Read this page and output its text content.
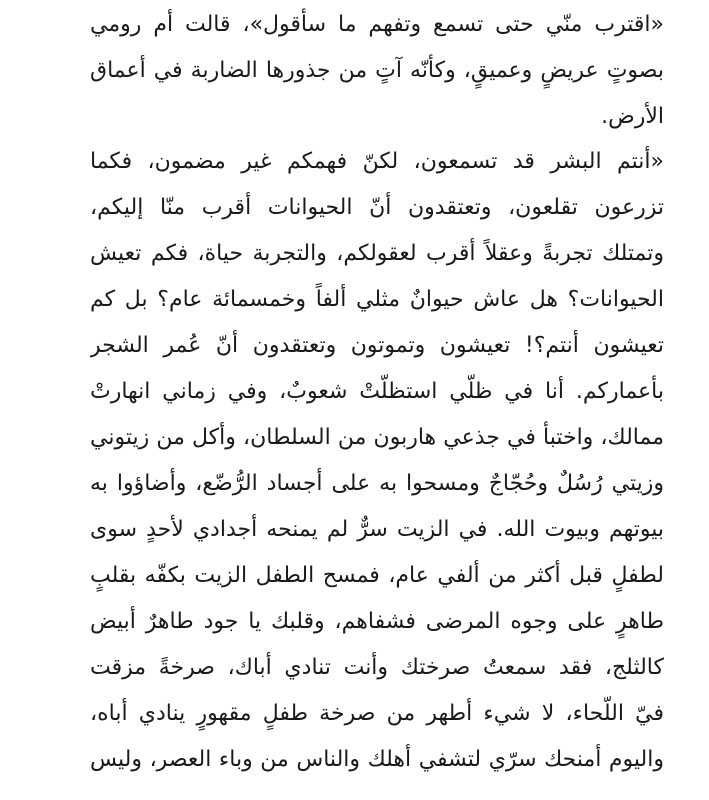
«اقترب منّي حتى تسمع وتفهم ما سأقول»، قالت أم رومي
بصوتٍ عريضٍ وعميقٍ، وكأنّه آتٍ من جذورها الضاربة في أعماق
الأرض.
«أنتم البشر قد تسمعون، لكنّ فهمكم غير مضمون، فكما
تزرعون تقلعون، وتعتقدون أنّ الحيوانات أقرب منّا إليكم،
وتمتلك تجربةً وعقلاً أقرب لعقولكم، والتجربة حياة، فكم تعيش
الحيوانات؟ هل عاش حيوانٌ مثلي ألفاً وخمسمائة عام؟ بل كم
تعيشون أنتم؟! تعيشون وتموتون وتعتقدون أنّ عُمر الشجر
بأعماركم. أنا في ظلّي استظلّتْ شعوبٌ، وفي زماني انهارتْ
ممالك، واختبأ في جذعي هاربون من السلطان، وأكل من زيتوني
وزيتي رُسُلٌ وحُجّاجٌ ومسحوا به على أجساد الرُّضّع، وأضاؤوا به
بيوتهم وبيوت الله. في الزيت سرٌّ لم يمنحه أجدادي لأحدٍ سوى
لطفلٍ قبل أكثر من ألفي عام، فمسح الطفل الزيت بكفّه بقلبٍ
طاهرٍ على وجوه المرضى فشفاهم، وقلبك يا جود طاهرٌ أبيض
كالثلج، فقد سمعتُ صرختك وأنت تنادي أباك، صرخةً مزقت
فيّ اللّحاء، لا شيء أطهر من صرخة طفلٍ مقهورٍ ينادي أباه،
واليوم أمنحك سرّي لتشفي أهلك والناس من وباء العصر، وليس
